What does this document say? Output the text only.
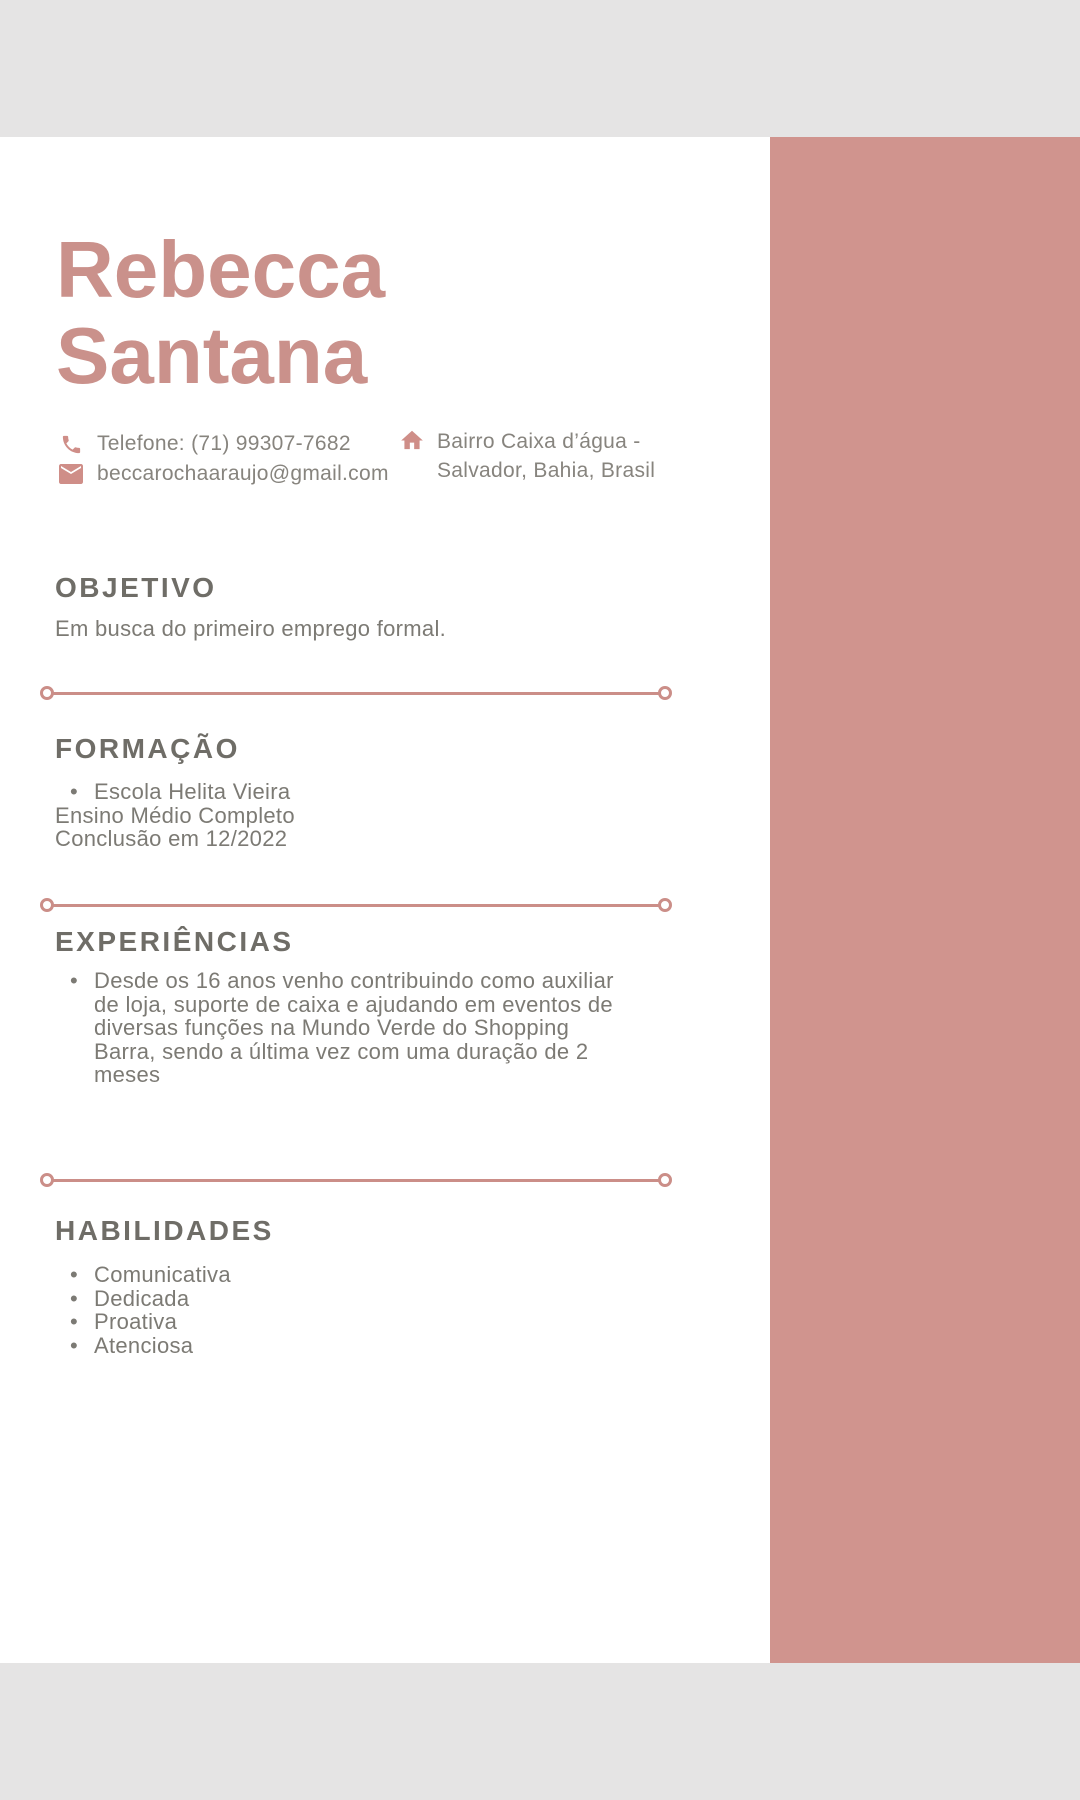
Rebecca
Santana
Telefone: (71) 99307-7682
beccarochaaraujo@gmail.com
Bairro Caixa d’água -
Salvador, Bahia, Brasil
OBJETIVO
Em busca do primeiro emprego formal.
FORMAÇÃO
• Escola Helita Vieira
Ensino Médio Completo
Conclusão em 12/2022
EXPERIÊNCIAS
• Desde os 16 anos venho contribuindo como auxiliar de loja, suporte de caixa e ajudando em eventos de diversas funções na Mundo Verde do Shopping Barra, sendo a última vez com uma duração de 2 meses
HABILIDADES
• Comunicativa
• Dedicada
• Proativa
• Atenciosa
